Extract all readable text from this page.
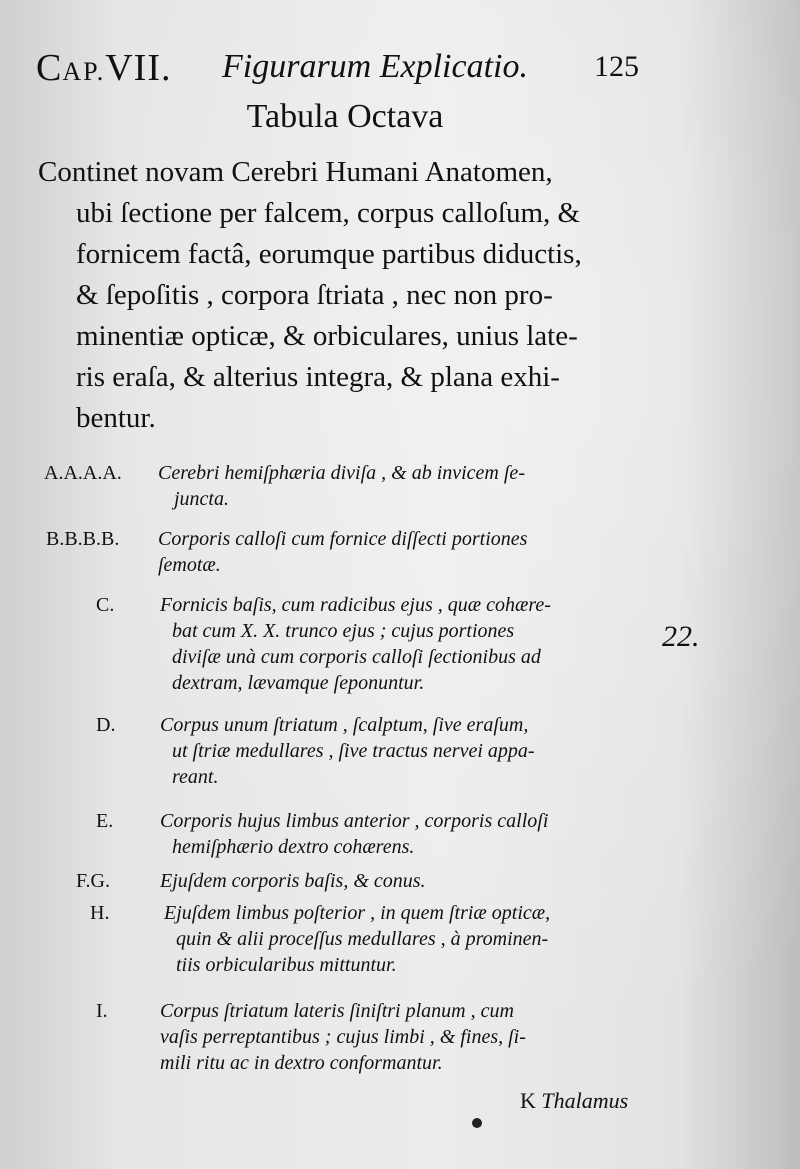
CAP.VII. Figurarum Explicatio. 125
Tabula Octava
Continet novam Cerebri Humani Anatomen,
ubi ſectione per falcem, corpus calloſum, &
fornicem factâ, eorumque partibus diductis,
& ſepoſitis , corpora ſtriata , nec non pro-
minentiæ opticæ, & orbiculares, unius late-
ris eraſa, & alterius integra, & plana exhi-
bentur.
A.A.A.A. Cerebri hemiſphæria diviſa , & ab invicem ſe-
juncta.
B.B.B.B. Corporis calloſi cum fornice diſſecti portiones
ſemotæ.
C. Fornicis baſis, cum radicibus ejus , quæ cohære-
bat cum X. X. trunco ejus ; cujus portiones
diviſæ unà cum corporis calloſi ſectionibus ad
dextram, lævamque ſeponuntur.
22.
D. Corpus unum ſtriatum , ſcalptum, ſive eraſum,
ut ſtriæ medullares , ſive tractus nervei appa-
reant.
E. Corporis hujus limbus anterior , corporis calloſi
hemiſphærio dextro cohærens.
F.G.	Ejuſdem corporis baſis, & conus.
H.	Ejuſdem limbus poſterior , in quem ſtriæ opticæ,
quin & alii proceſſus medullares , à prominen-
tiis orbicularibus mittuntur.
I.	Corpus ſtriatum lateris ſiniſtri planum , cum
vaſis perreptantibus ; cujus limbi , & fines, ſi-
mili ritu ac in dextro conformantur.
K Thalamus
